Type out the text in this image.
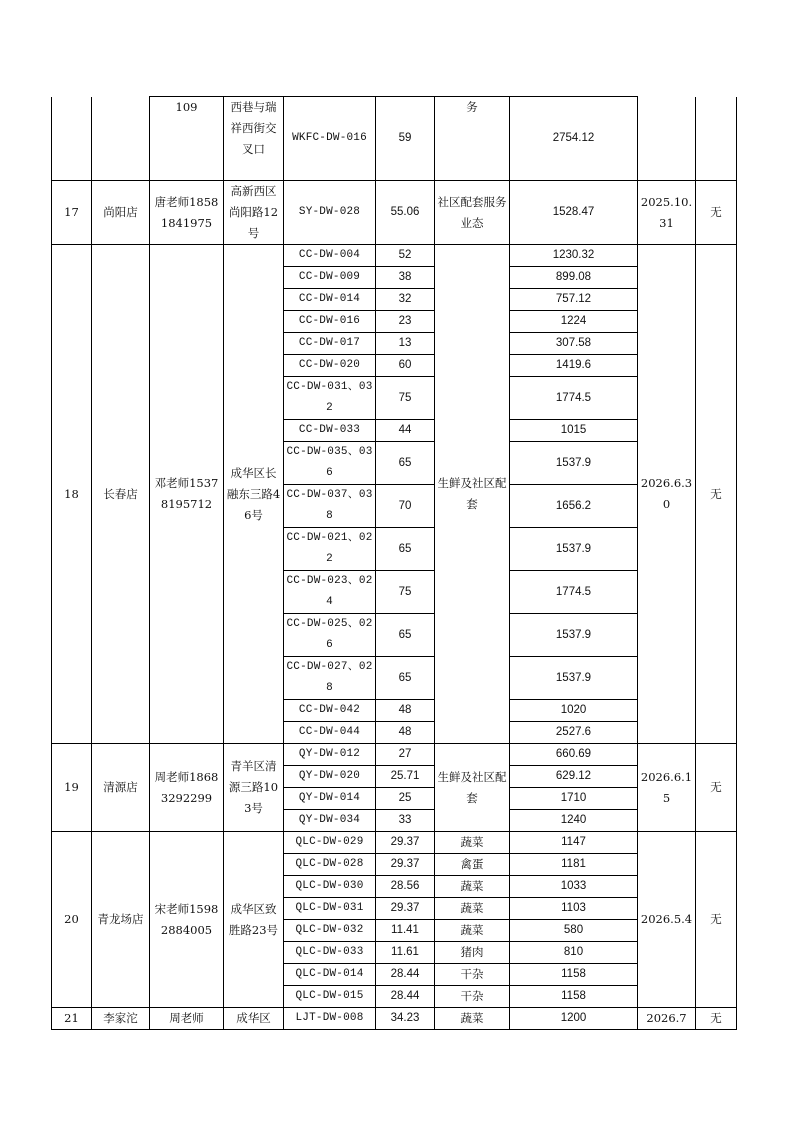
		109	西巷与瑞祥西街交叉口	WKFC-DW-016	59	务	2754.12		
17	尚阳店	唐老师18581841975	高新西区尚阳路12号	SY-DW-028	55.06	社区配套服务业态	1528.47	2025.10.31	无
18	长春店	邓老师15378195712	成华区长融东三路46号	CC-DW-004	52	生鲜及社区配套	1230.32	2026.6.30	无
				CC-DW-009	38		899.08		
				CC-DW-014	32		757.12		
				CC-DW-016	23		1224		
				CC-DW-017	13		307.58		
				CC-DW-020	60		1419.6		
				CC-DW-031、032	75		1774.5		
				CC-DW-033	44		1015		
				CC-DW-035、036	65		1537.9		
				CC-DW-037、038	70		1656.2		
				CC-DW-021、022	65		1537.9		
				CC-DW-023、024	75		1774.5		
				CC-DW-025、026	65		1537.9		
				CC-DW-027、028	65		1537.9		
				CC-DW-042	48		1020		
				CC-DW-044	48		2527.6		
19	清源店	周老师18683292299	青羊区清源三路103号	QY-DW-012	27	生鲜及社区配套	660.69	2026.6.15	无
				QY-DW-020	25.71		629.12		
				QY-DW-014	25		1710		
				QY-DW-034	33		1240		
20	青龙场店	宋老师15982884005	成华区致胜路23号	QLC-DW-029	29.37	蔬菜	1147	2026.5.4	无
				QLC-DW-028	29.37	禽蛋	1181		
				QLC-DW-030	28.56	蔬菜	1033		
				QLC-DW-031	29.37	蔬菜	1103		
				QLC-DW-032	11.41	蔬菜	580		
				QLC-DW-033	11.61	猪肉	810		
				QLC-DW-014	28.44	干杂	1158		
				QLC-DW-015	28.44	干杂	1158		
21	李家沱	周老师	成华区	LJT-DW-008	34.23	蔬菜	1200	2026.7	无
